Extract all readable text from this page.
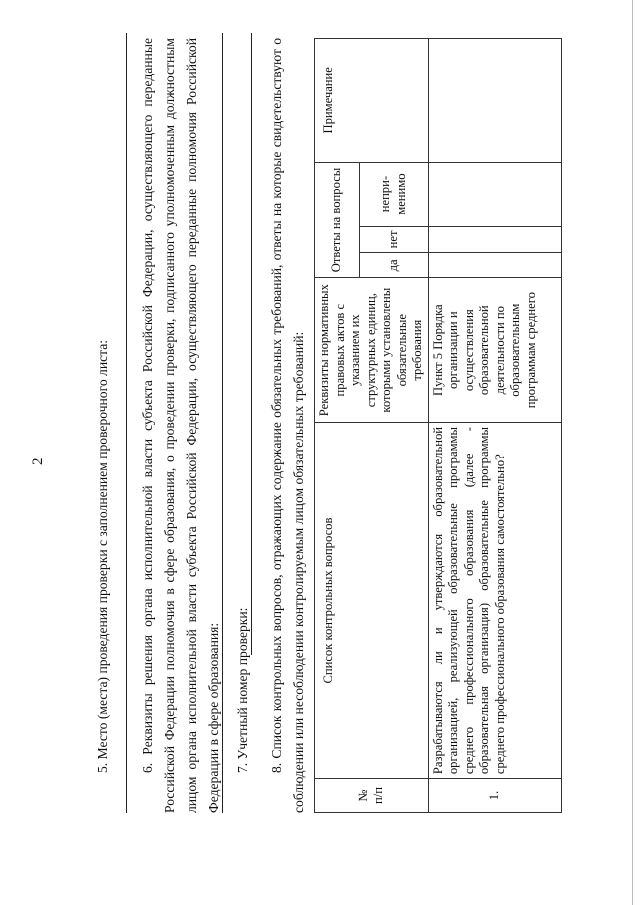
2	5. Место (места) проведения проверки с заполнением проверочного листа: 6. Реквизиты решения органа исполнительной власти субъекта Российской Федерации, осуществляющего переданные Российской Федерации полномочия в сфере образования, о проведении проверки, подписанного уполномоченным должностным лицом органа исполнительной власти субъекта Российской Федерации, осуществляющего переданные полномочия Российской Федерации в сфере образования: 7. Учетный номер проверки: 8. Список контрольных вопросов, отражающих содержание обязательных требований, ответы на которые свидетельствуют о соблюдении или несоблюдении контролируемым лицом обязательных требований:	№ п/п	Список контрольных вопросов	Реквизиты нормативных правовых актов с указанием их структурных единиц, которыми установлены обязательные требования	Ответы на вопросы			Примечание
			да	нет	непри-менимо	
1.	Разрабатываются ли и утверждаются образовательной организацией, реализующей образовательные программы среднего профессионального образования (далее - образовательная организация) образовательные программы среднего профессионального образования самостоятельно?	Пункт 5 Порядка организации и осуществления образовательной деятельности по образовательным программам среднего				
